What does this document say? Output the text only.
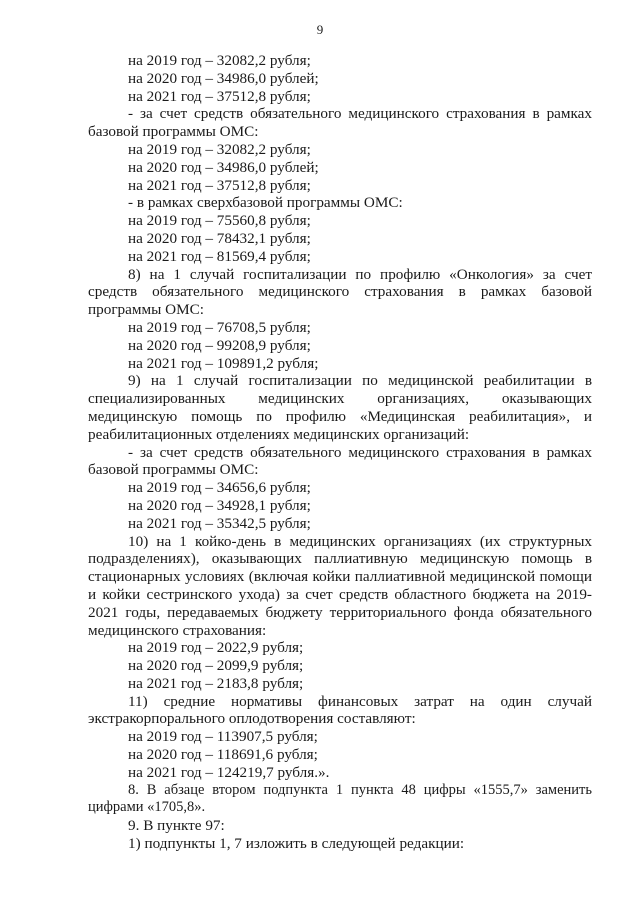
9
на 2019 год – 32082,2 рубля;
на 2020 год – 34986,0 рублей;
на 2021 год – 37512,8 рубля;
- за счет средств обязательного медицинского страхования в рамках базовой программы ОМС:
на 2019 год – 32082,2 рубля;
на 2020 год – 34986,0 рублей;
на 2021 год – 37512,8 рубля;
- в рамках сверхбазовой программы ОМС:
на 2019 год – 75560,8 рубля;
на 2020 год – 78432,1 рубля;
на 2021 год – 81569,4 рубля;
8) на 1 случай госпитализации по профилю «Онкология» за счет средств обязательного медицинского страхования в рамках базовой программы ОМС:
на 2019 год – 76708,5 рубля;
на 2020 год – 99208,9 рубля;
на 2021 год – 109891,2 рубля;
9) на 1 случай госпитализации по медицинской реабилитации в специализированных медицинских организациях, оказывающих медицинскую помощь по профилю «Медицинская реабилитация», и реабилитационных отделениях медицинских организаций:
- за счет средств обязательного медицинского страхования в рамках базовой программы ОМС:
на 2019 год – 34656,6 рубля;
на 2020 год – 34928,1 рубля;
на 2021 год – 35342,5 рубля;
10) на 1 койко-день в медицинских организациях (их структурных подразделениях), оказывающих паллиативную медицинскую помощь в стационарных условиях (включая койки паллиативной медицинской помощи и койки сестринского ухода) за счет средств областного бюджета на 2019-2021 годы, передаваемых бюджету территориального фонда обязательного медицинского страхования:
на 2019 год – 2022,9 рубля;
на 2020 год – 2099,9 рубля;
на 2021 год – 2183,8 рубля;
11) средние нормативы финансовых затрат на один случай экстракорпорального оплодотворения составляют:
на 2019 год – 113907,5 рубля;
на 2020 год – 118691,6 рубля;
на 2021 год – 124219,7 рубля.».
8. В абзаце втором подпункта 1 пункта 48 цифры «1555,7» заменить цифрами «1705,8».
9. В пункте 97:
1) подпункты 1, 7 изложить в следующей редакции:
